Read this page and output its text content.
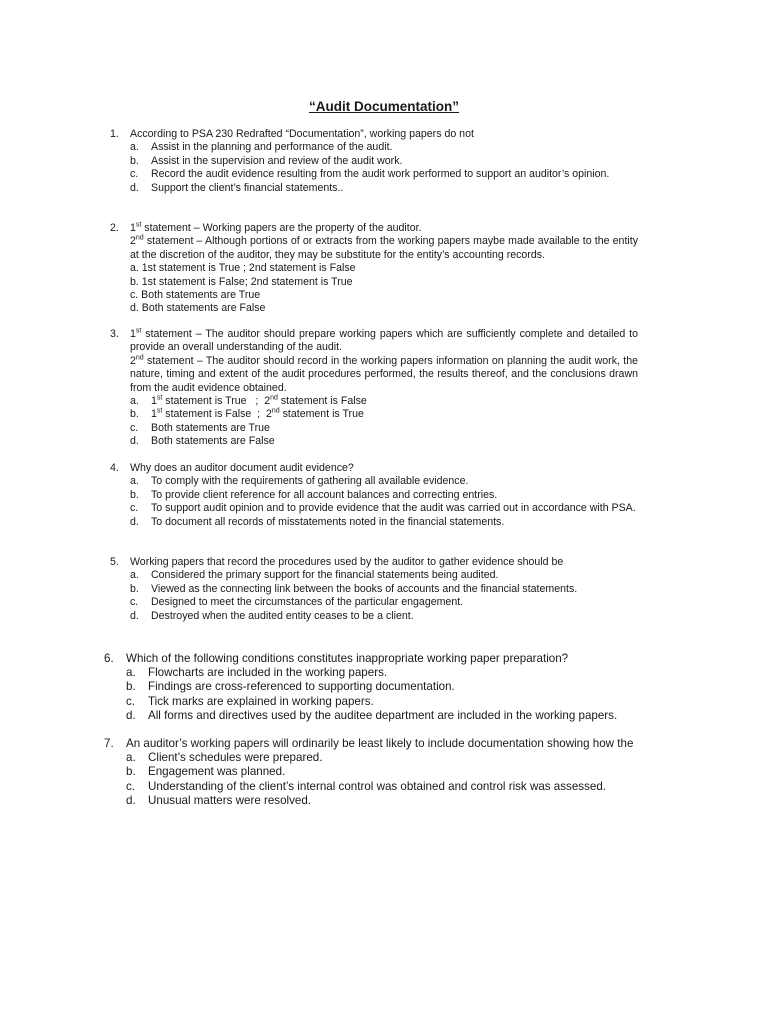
“Audit Documentation”
1.	According to PSA 230 Redrafted “Documentation”, working papers do not
a.	Assist in the planning and performance of the audit.
b.	Assist in the supervision and review of the audit work.
c.	Record the audit evidence resulting from the audit work performed to support an auditor’s opinion.
d.	Support the client’s financial statements..
2.	1st statement – Working papers are the property of the auditor.
2nd statement – Although portions of or extracts from the working papers maybe made available to the entity at the discretion of the auditor, they may be substitute for the entity’s accounting records.
a. 1st statement is True ; 2nd statement is False
b. 1st statement is False; 2nd statement is True
c. Both statements are True
d. Both statements are False
3.	1st statement – The auditor should prepare working papers which are sufficiently complete and detailed to provide an overall understanding of the audit.
2nd statement – The auditor should record in the working papers information on planning the audit work, the nature, timing and extent of the audit procedures performed, the results thereof, and the conclusions drawn from the audit evidence obtained.
a.	1st statement is True   ;  2nd statement is False
b.	1st statement is False  ;  2nd statement is True
c.	Both statements are True
d.	Both statements are False
4.	Why does an auditor document audit evidence?
a.	To comply with the requirements of gathering all available evidence.
b.	To provide client reference for all account balances and correcting entries.
c.	To support audit opinion and to provide evidence that the audit was carried out in accordance with PSA.
d.	To document all records of misstatements noted in the financial statements.
5.	Working papers that record the procedures used by the auditor to gather evidence should be
a.	Considered the primary support for the financial statements being audited.
b.	Viewed as the connecting link between the books of accounts and the financial statements.
c.	Designed to meet the circumstances of the particular engagement.
d.	Destroyed when the audited entity ceases to be a client.
6.	Which of the following conditions constitutes inappropriate working paper preparation?
a.	Flowcharts are included in the working papers.
b.	Findings are cross-referenced to supporting documentation.
c.	Tick marks are explained in working papers.
d.	All forms and directives used by the auditee department are included in the working papers.
7.	An auditor’s working papers will ordinarily be least likely to include documentation showing how the
a.	Client’s schedules were prepared.
b.	Engagement was planned.
c.	Understanding of the client’s internal control was obtained and control risk was assessed.
d.	Unusual matters were resolved.
